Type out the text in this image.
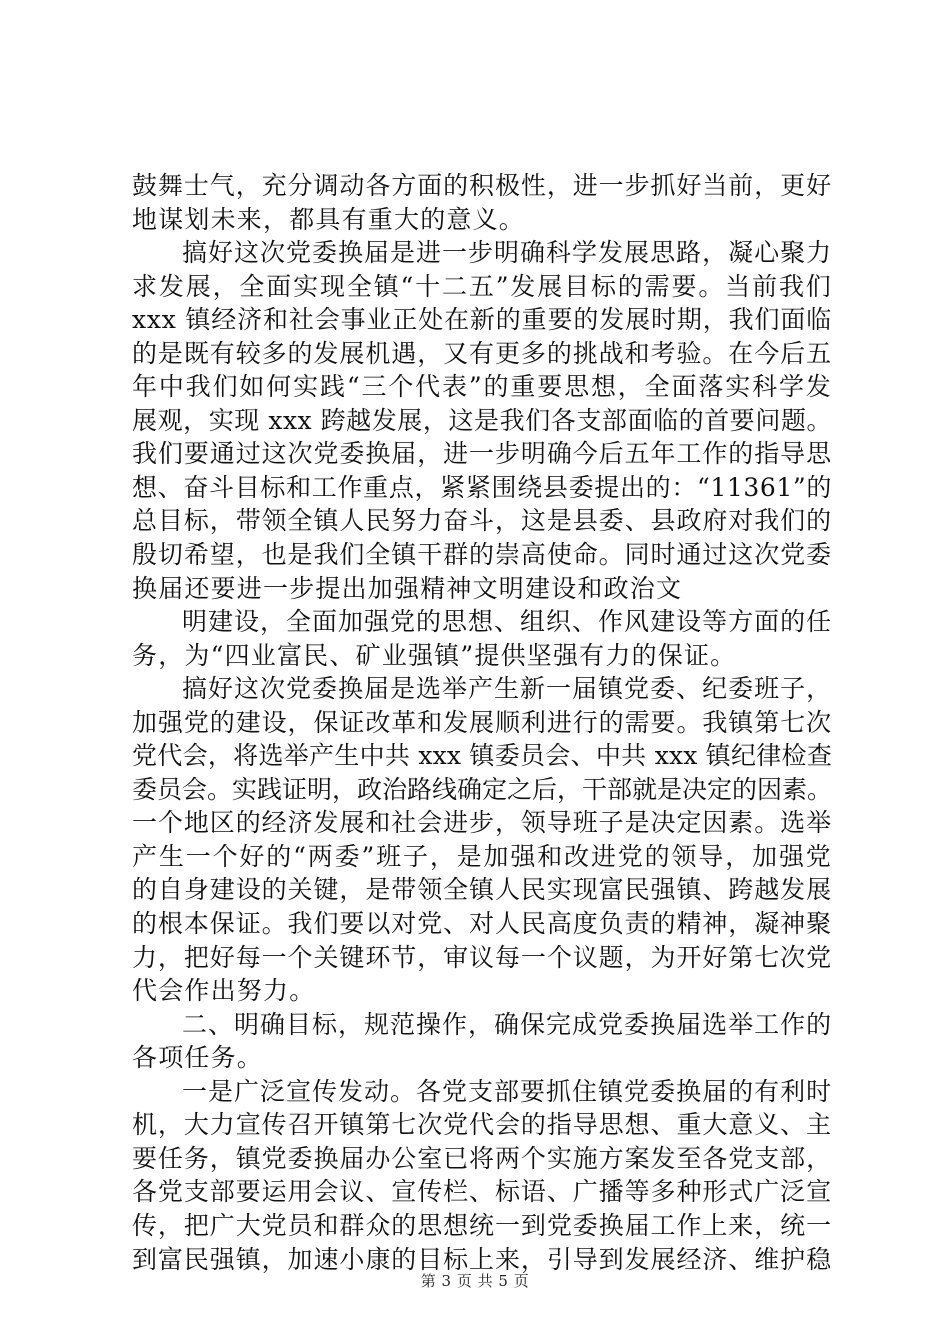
鼓舞士气，充分调动各方面的积极性，进一步抓好当前，更好
地谋划未来，都具有重大的意义。
搞好这次党委换届是进一步明确科学发展思路，凝心聚力
求发展，全面实现全镇“十二五”发展目标的需要。当前我们
xxx 镇经济和社会事业正处在新的重要的发展时期，我们面临
的是既有较多的发展机遇，又有更多的挑战和考验。在今后五
年中我们如何实践“三个代表”的重要思想，全面落实科学发
展观，实现 xxx 跨越发展，这是我们各支部面临的首要问题。
我们要通过这次党委换届，进一步明确今后五年工作的指导思
想、奋斗目标和工作重点，紧紧围绕县委提出的：“11361”的
总目标，带领全镇人民努力奋斗，这是县委、县政府对我们的
殷切希望，也是我们全镇干群的崇高使命。同时通过这次党委
换届还要进一步提出加强精神文明建设和政治文
明建设，全面加强党的思想、组织、作风建设等方面的任
务，为“四业富民、矿业强镇”提供坚强有力的保证。
搞好这次党委换届是选举产生新一届镇党委、纪委班子，
加强党的建设，保证改革和发展顺利进行的需要。我镇第七次
党代会，将选举产生中共 xxx 镇委员会、中共 xxx 镇纪律检查
委员会。实践证明，政治路线确定之后，干部就是决定的因素。
一个地区的经济发展和社会进步，领导班子是决定因素。选举
产生一个好的“两委”班子，是加强和改进党的领导，加强党
的自身建设的关键，是带领全镇人民实现富民强镇、跨越发展
的根本保证。我们要以对党、对人民高度负责的精神，凝神聚
力，把好每一个关键环节，审议每一个议题，为开好第七次党
代会作出努力。
二、明确目标，规范操作，确保完成党委换届选举工作的
各项任务。
一是广泛宣传发动。各党支部要抓住镇党委换届的有利时
机，大力宣传召开镇第七次党代会的指导思想、重大意义、主
要任务，镇党委换届办公室已将两个实施方案发至各党支部，
各党支部要运用会议、宣传栏、标语、广播等多种形式广泛宣
传，把广大党员和群众的思想统一到党委换届工作上来，统一
到富民强镇，加速小康的目标上来，引导到发展经济、维护稳
第 3 页 共 5 页
